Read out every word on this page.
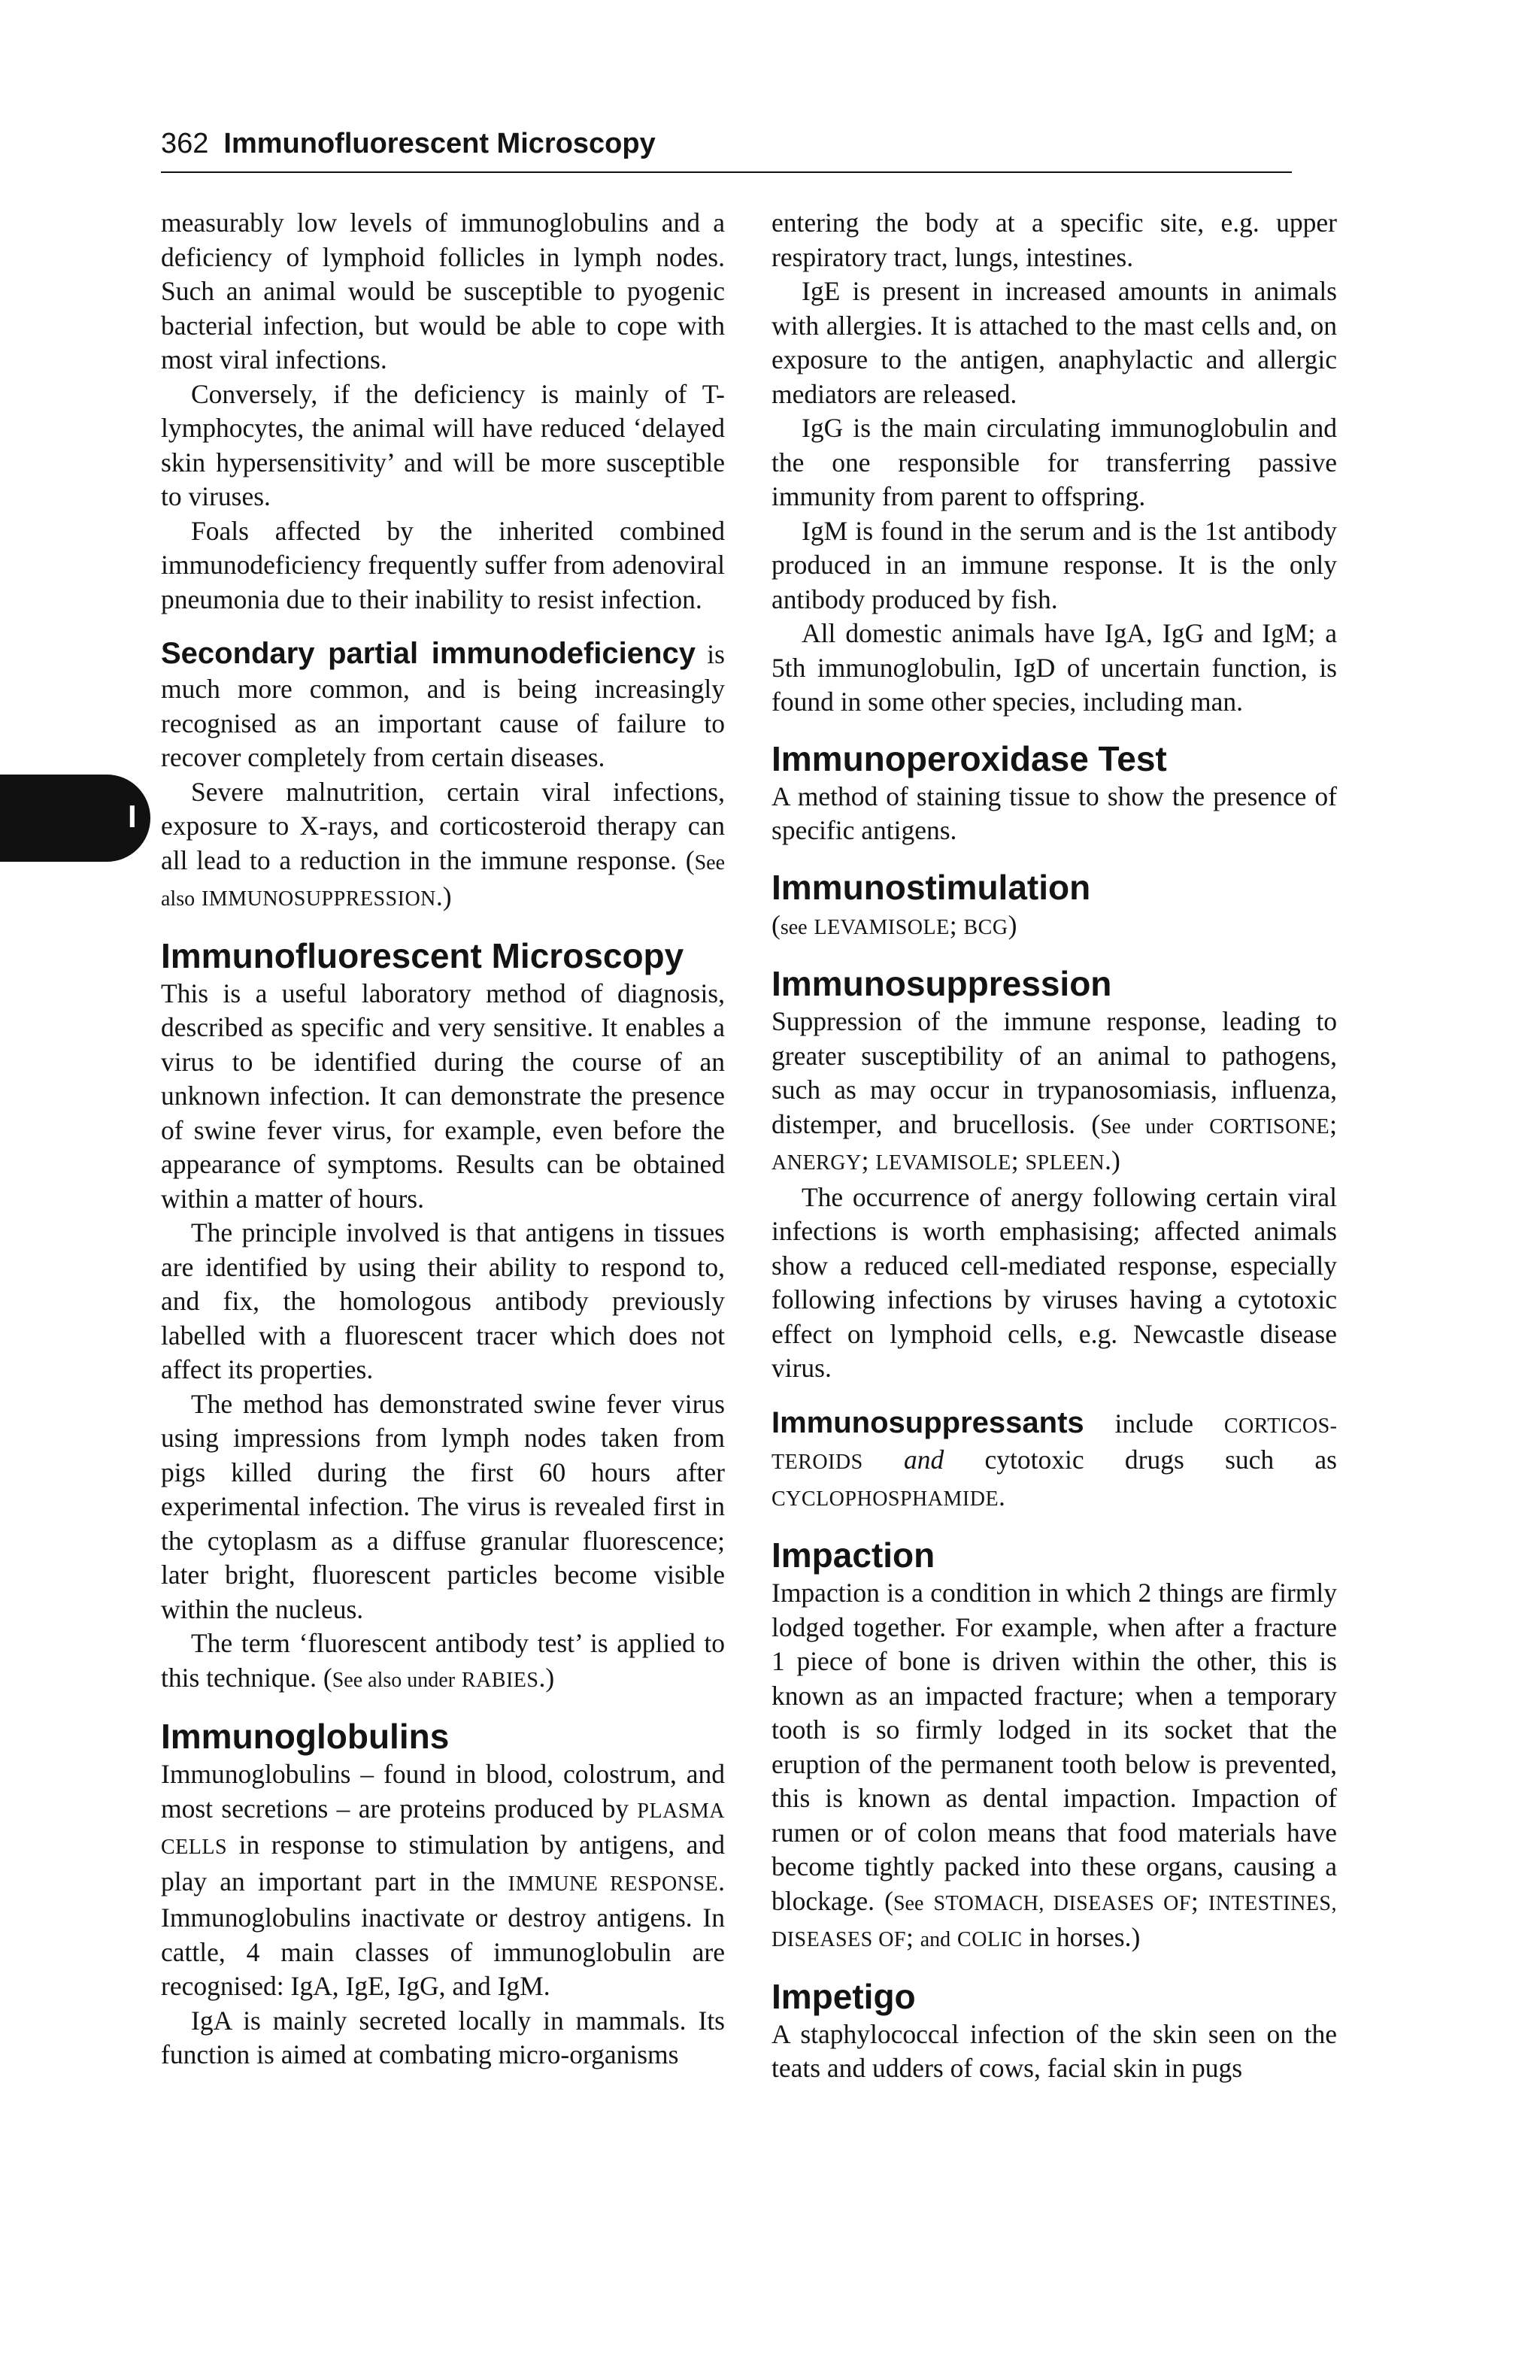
362 Immunofluorescent Microscopy
I

measurably low levels of immunoglobulins and a deficiency of lymphoid follicles in lymph nodes. Such an animal would be susceptible to pyogenic bacterial infection, but would be able to cope with most viral infections.

Conversely, if the deficiency is mainly of T-lymphocytes, the animal will have reduced ‘delayed skin hypersensitivity’ and will be more susceptible to viruses.

Foals affected by the inherited combined immunodeficiency frequently suffer from adenoviral pneumonia due to their inability to resist infection.

Secondary partial immunodeficiency is much more common, and is being increasingly recognised as an important cause of failure to recover completely from certain diseases.

Severe malnutrition, certain viral infections, exposure to X-rays, and corticosteroid therapy can all lead to a reduction in the immune response. (See also IMMUNOSUPPRESSION.)

Immunofluorescent Microscopy

This is a useful laboratory method of diagnosis, described as specific and very sensitive. It enables a virus to be identified during the course of an unknown infection. It can demonstrate the presence of swine fever virus, for example, even before the appearance of symptoms. Results can be obtained within a matter of hours.

The principle involved is that antigens in tissues are identified by using their ability to respond to, and fix, the homologous antibody previously labelled with a fluorescent tracer which does not affect its properties.

The method has demonstrated swine fever virus using impressions from lymph nodes taken from pigs killed during the first 60 hours after experimental infection. The virus is revealed first in the cytoplasm as a diffuse granular fluorescence; later bright, fluorescent particles become visible within the nucleus.

The term ‘fluorescent antibody test’ is applied to this technique. (See also under RABIES.)

Immunoglobulins

Immunoglobulins – found in blood, colostrum, and most secretions – are proteins produced by PLASMA CELLS in response to stimulation by antigens, and play an important part in the IMMUNE RESPONSE. Immunoglobulins inactivate or destroy antigens. In cattle, 4 main classes of immunoglobulin are recognised: IgA, IgE, IgG, and IgM.

IgA is mainly secreted locally in mammals. Its function is aimed at combating micro-organisms

entering the body at a specific site, e.g. upper respiratory tract, lungs, intestines.

IgE is present in increased amounts in animals with allergies. It is attached to the mast cells and, on exposure to the antigen, anaphylactic and allergic mediators are released.

IgG is the main circulating immunoglobulin and the one responsible for transferring passive immunity from parent to offspring.

IgM is found in the serum and is the 1st antibody produced in an immune response. It is the only antibody produced by fish.

All domestic animals have IgA, IgG and IgM; a 5th immunoglobulin, IgD of uncertain function, is found in some other species, including man.

Immunoperoxidase Test

A method of staining tissue to show the presence of specific antigens.

Immunostimulation

(see LEVAMISOLE; BCG)

Immunosuppression

Suppression of the immune response, leading to greater susceptibility of an animal to pathogens, such as may occur in trypanosomiasis, influenza, distemper, and brucellosis. (See under CORTISONE; ANERGY; LEVAMISOLE; SPLEEN.)

The occurrence of anergy following certain viral infections is worth emphasising; affected animals show a reduced cell-mediated response, especially following infections by viruses having a cytotoxic effect on lymphoid cells, e.g. Newcastle disease virus.

Immunosuppressants include CORTICOSTEROIDS and cytotoxic drugs such as CYCLOPHOSPHAMIDE.

Impaction

Impaction is a condition in which 2 things are firmly lodged together. For example, when after a fracture 1 piece of bone is driven within the other, this is known as an impacted fracture; when a temporary tooth is so firmly lodged in its socket that the eruption of the permanent tooth below is prevented, this is known as dental impaction. Impaction of rumen or of colon means that food materials have become tightly packed into these organs, causing a blockage. (See STOMACH, DISEASES OF; INTESTINES, DISEASES OF; and COLIC in horses.)

Impetigo

A staphylococcal infection of the skin seen on the teats and udders of cows, facial skin in pugs
